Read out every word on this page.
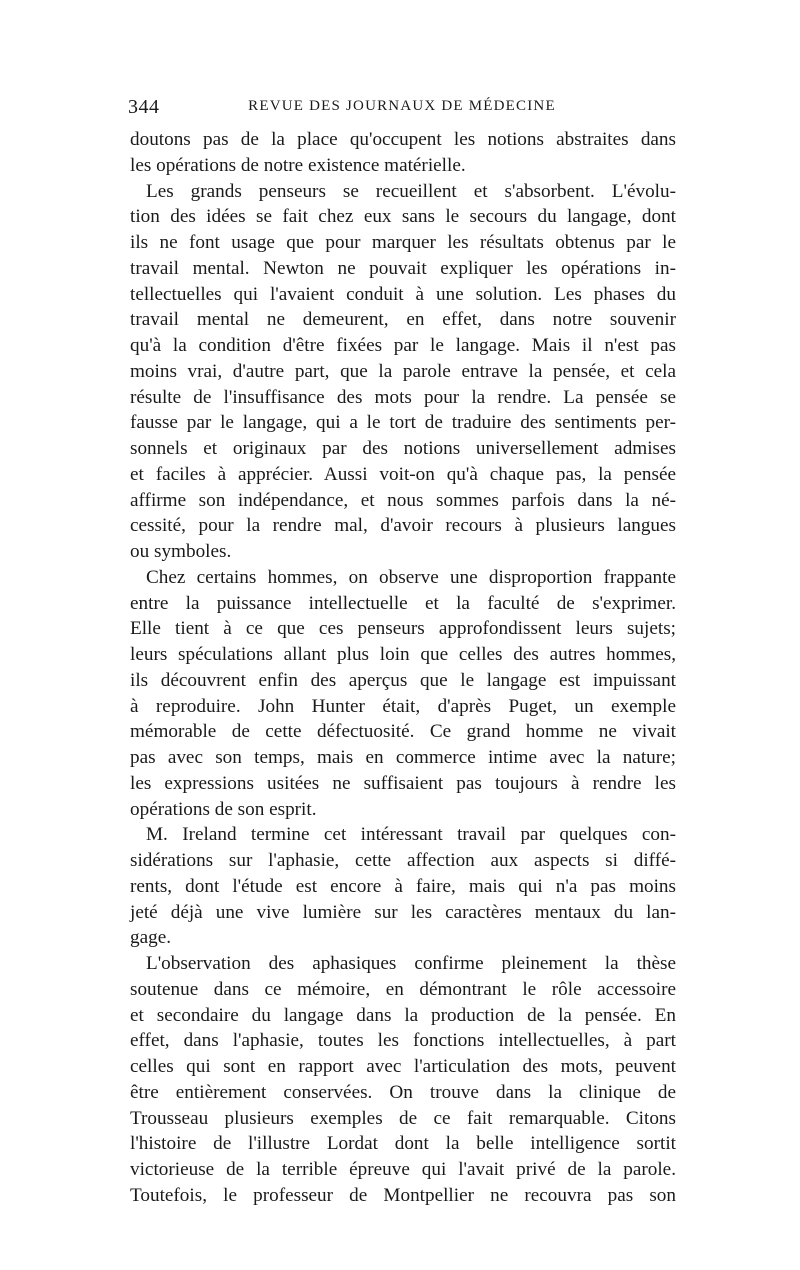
344	REVUE DES JOURNAUX DE MÉDECINE
doutons pas de la place qu'occupent les notions abstraites dans
les opérations de notre existence matérielle.
Les grands penseurs se recueillent et s'absorbent. L'évolu-
tion des idées se fait chez eux sans le secours du langage, dont
ils ne font usage que pour marquer les résultats obtenus par le
travail mental. Newton ne pouvait expliquer les opérations in-
tellectuelles qui l'avaient conduit à une solution. Les phases du
travail mental ne demeurent, en effet, dans notre souvenir
qu'à la condition d'être fixées par le langage. Mais il n'est pas
moins vrai, d'autre part, que la parole entrave la pensée, et cela
résulte de l'insuffisance des mots pour la rendre. La pensée se
fausse par le langage, qui a le tort de traduire des sentiments per-
sonnels et originaux par des notions universellement admises
et faciles à apprécier. Aussi voit-on qu'à chaque pas, la pensée
affirme son indépendance, et nous sommes parfois dans la né-
cessité, pour la rendre mal, d'avoir recours à plusieurs langues
ou symboles.
Chez certains hommes, on observe une disproportion frappante
entre la puissance intellectuelle et la faculté de s'exprimer.
Elle tient à ce que ces penseurs approfondissent leurs sujets;
leurs spéculations allant plus loin que celles des autres hommes,
ils découvrent enfin des aperçus que le langage est impuissant
à reproduire. John Hunter était, d'après Puget, un exemple
mémorable de cette défectuosité. Ce grand homme ne vivait
pas avec son temps, mais en commerce intime avec la nature;
les expressions usitées ne suffisaient pas toujours à rendre les
opérations de son esprit.
M. Ireland termine cet intéressant travail par quelques con-
sidérations sur l'aphasie, cette affection aux aspects si diffé-
rents, dont l'étude est encore à faire, mais qui n'a pas moins
jeté déjà une vive lumière sur les caractères mentaux du lan-
gage.
L'observation des aphasiques confirme pleinement la thèse
soutenue dans ce mémoire, en démontrant le rôle accessoire
et secondaire du langage dans la production de la pensée. En
effet, dans l'aphasie, toutes les fonctions intellectuelles, à part
celles qui sont en rapport avec l'articulation des mots, peuvent
être entièrement conservées. On trouve dans la clinique de
Trousseau plusieurs exemples de ce fait remarquable. Citons
l'histoire de l'illustre Lordat dont la belle intelligence sortit
victorieuse de la terrible épreuve qui l'avait privé de la parole.
Toutefois, le professeur de Montpellier ne recouvra pas son
